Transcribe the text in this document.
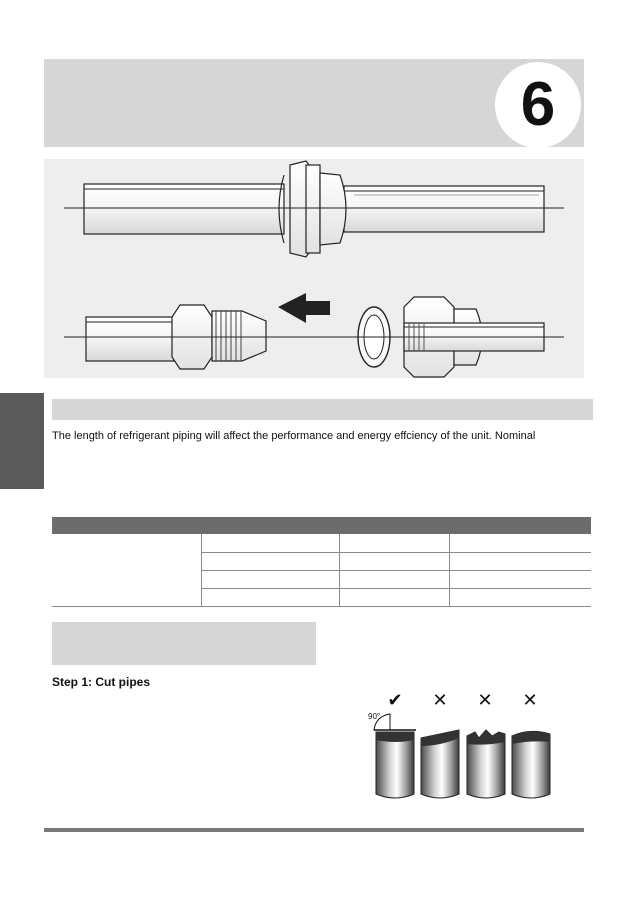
6
The length of refrigerant piping will affect the performance and energy effciency of the unit. Nominal
Step 1: Cut pipes
✔ ✕ ✕ ✕
90°
